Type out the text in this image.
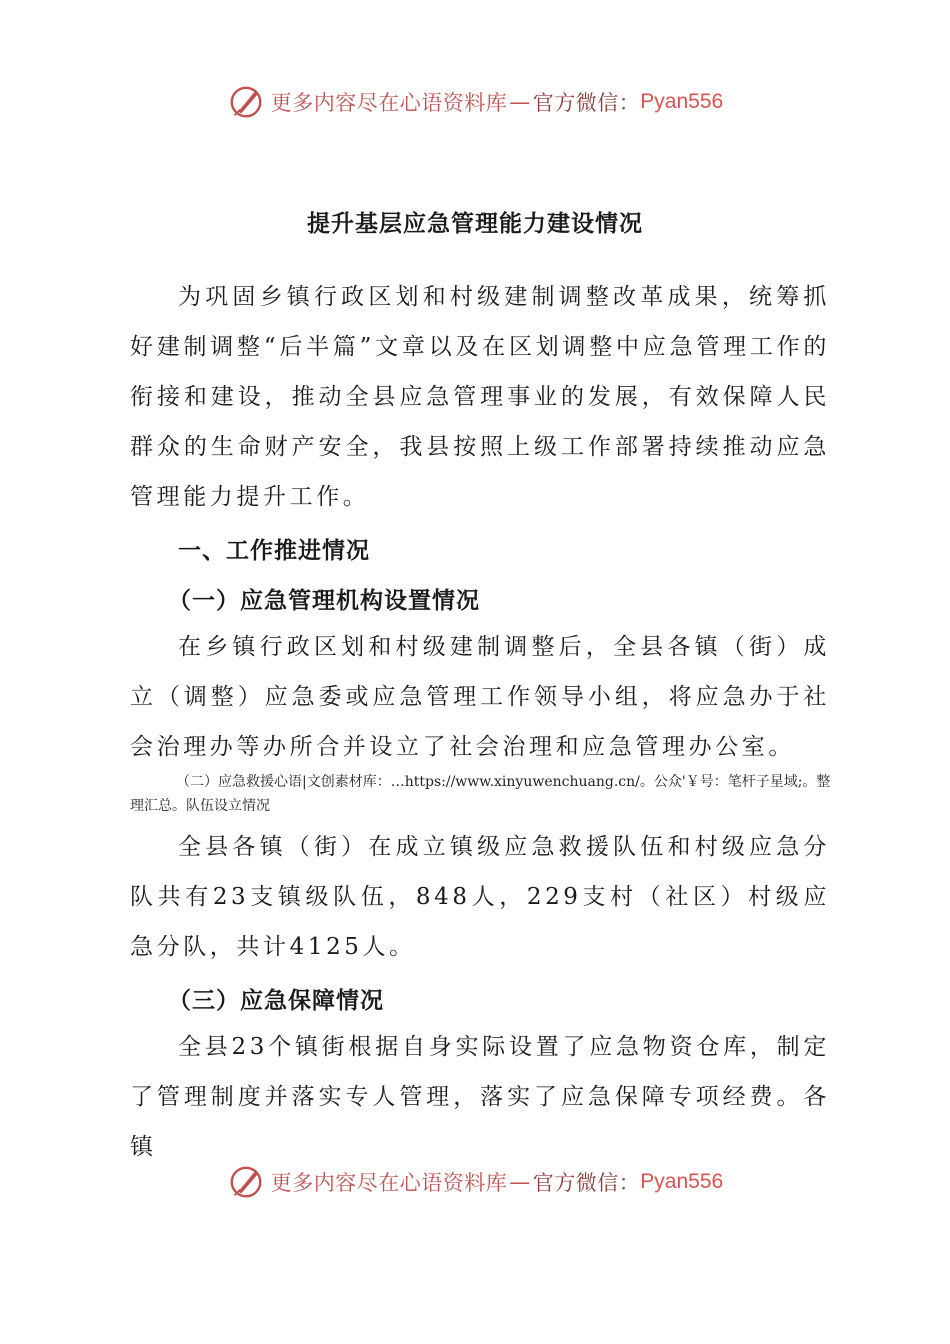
更多内容尽在心语资料库 — 官方微信： Pyan556
提升基层应急管理能力建设情况

为巩固乡镇行政区划和村级建制调整改革成果，统筹抓好建制调整“后半篇”文章以及在区划调整中应急管理工作的衔接和建设，推动全县应急管理事业的发展，有效保障人民群众的生命财产安全，我县按照上级工作部署持续推动应急管理能力提升工作。

一、工作推进情况
（一）应急管理机构设置情况

在乡镇行政区划和村级建制调整后，全县各镇（街）成立（调整）应急委或应急管理工作领导小组，将应急办于社会治理办等办所合并设立了社会治理和应急管理办公室。

（二）应急救援心语|文创素材库：…https://www.xinyuwenchuang.cn/。公众'￥号：笔杆子星域;。整理汇总。队伍设立情况

全县各镇（街）在成立镇级应急救援队伍和村级应急分队共有23支镇级队伍，848人，229支村（社区）村级应急分队，共计4125人。

（三）应急保障情况

全县23个镇街根据自身实际设置了应急物资仓库，制定了管理制度并落实专人管理，落实了应急保障专项经费。各镇

更多内容尽在心语资料库 — 官方微信： Pyan556
